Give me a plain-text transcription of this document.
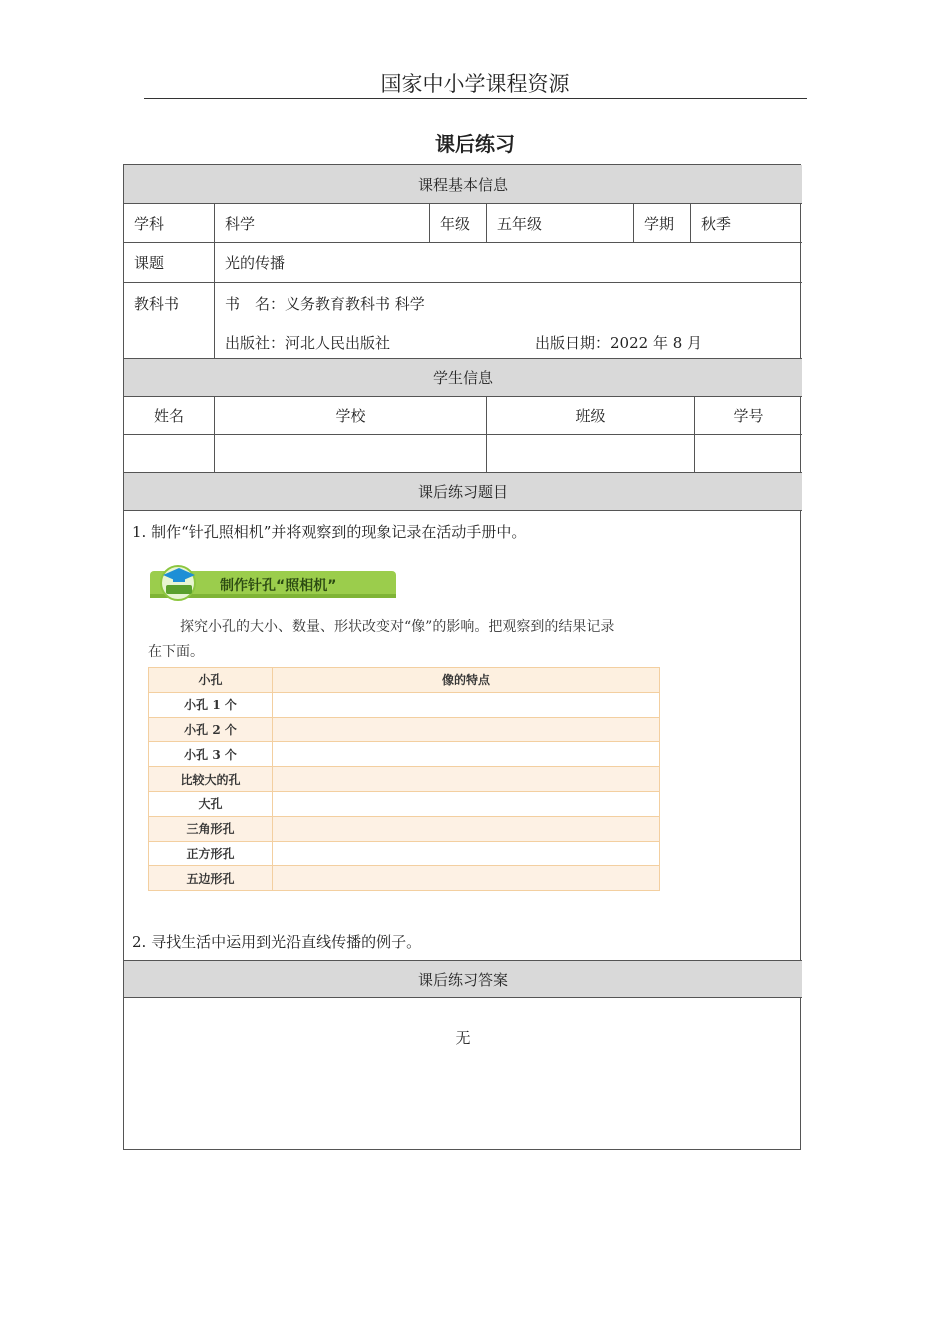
国家中小学课程资源
课后练习
课程基本信息
学科	科学	年级	五年级	学期	秋季
课题	光的传播
教科书	书　名：义务教育教科书 科学
出版社：河北人民出版社	出版日期：2022 年 8 月
学生信息
姓名	学校	班级	学号
课后练习题目
1. 制作“针孔照相机”并将观察到的现象记录在活动手册中。
制作针孔“照相机”
探究小孔的大小、数量、形状改变对“像”的影响。把观察到的结果记录
在下面。
小孔	像的特点
小孔 1 个	
小孔 2 个	
小孔 3 个	
比较大的孔	
大孔	
三角形孔	
正方形孔	
五边形孔	
2. 寻找生活中运用到光沿直线传播的例子。
课后练习答案
无
